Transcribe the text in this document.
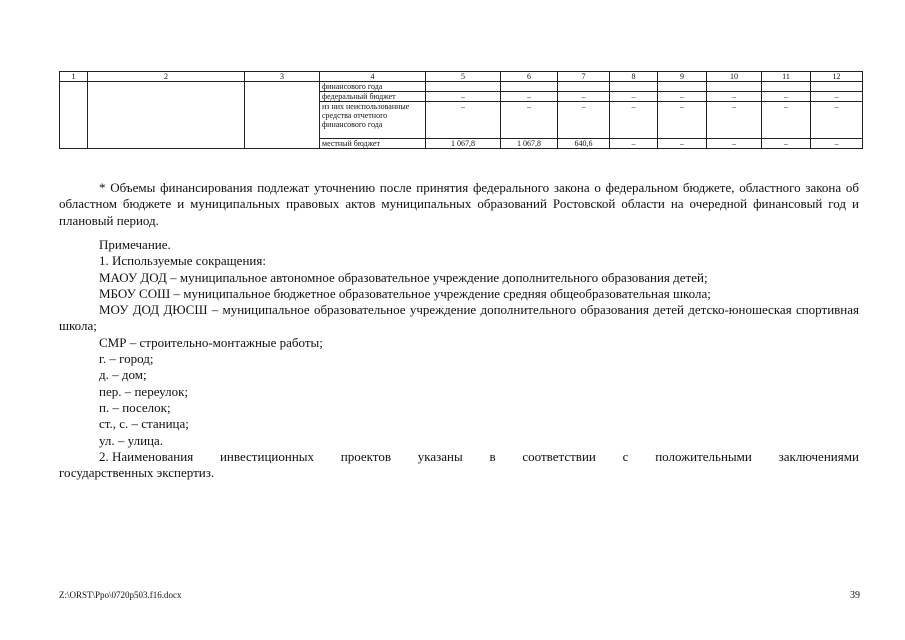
1	2	3	4	5	6	7	8	9	10	11	12
			финансового года								
			федеральный бюджет	–	–	–	–	–	–	–	–
			из них неиспользованные средства отчетного финансового года	–	–	–	–	–	–	–	–
			местный бюджет	1 067,8	1 067,8	640,6	–	–	–	–	–

* Объемы финансирования подлежат уточнению после принятия федерального закона о федеральном бюджете, областного закона об областном бюджете и муниципальных правовых актов муниципальных образований Ростовской области на очередной финансовый год и плановый период.

Примечание.

1. Используемые сокращения:

МАОУ ДОД – муниципальное автономное образовательное учреждение дополнительного образования детей;

МБОУ СОШ – муниципальное бюджетное образовательное учреждение средняя общеобразовательная школа;

МОУ ДОД ДЮСШ – муниципальное образовательное учреждение дополнительного образования детей детско-юношеская спортивная школа;

СМР – строительно-монтажные работы;

г. – город;

д. – дом;

пер. – переулок;

п. – поселок;

ст., с. – станица;

ул. – улица.

2. Наименования инвестиционных проектов указаны в соответствии с положительными заключениями

государственных экспертиз.

Z:\ORST\Ppo\0720p503.f16.docx	39
